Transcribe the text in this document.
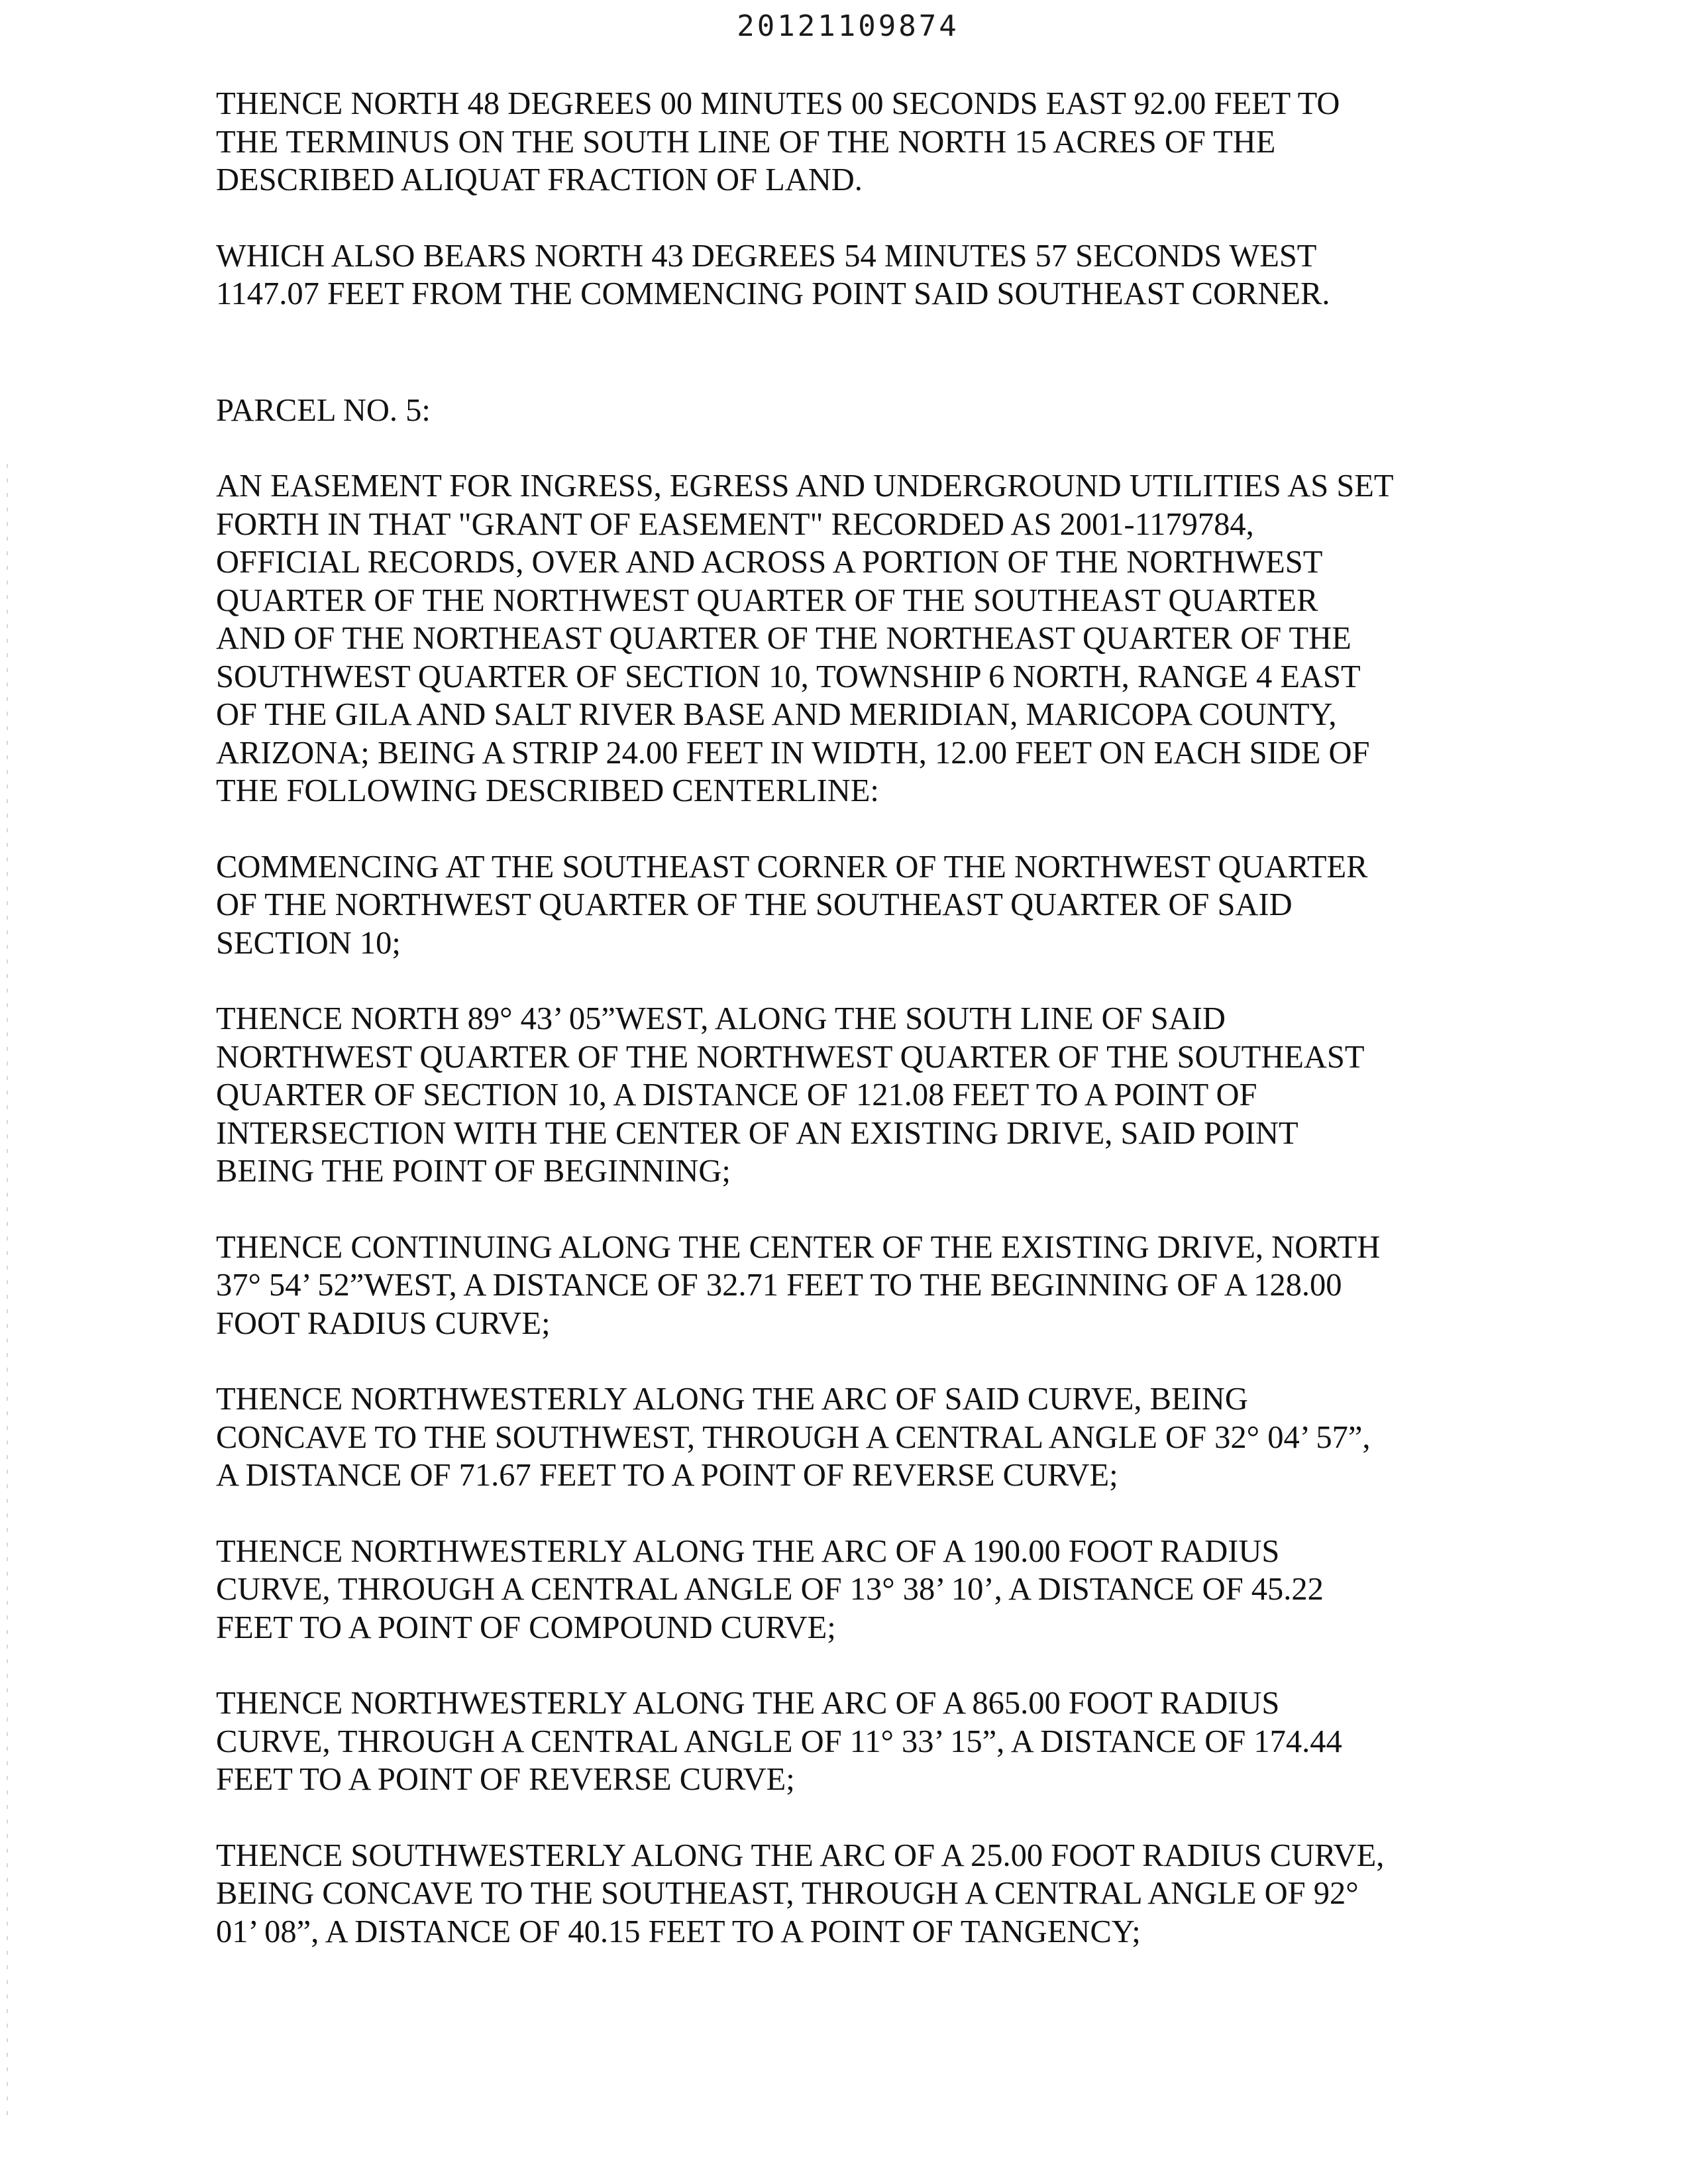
20121109874

THENCE NORTH 48 DEGREES 00 MINUTES 00 SECONDS EAST 92.00 FEET TO
THE TERMINUS ON THE SOUTH LINE OF THE NORTH 15 ACRES OF THE
DESCRIBED ALIQUAT FRACTION OF LAND.

WHICH ALSO BEARS NORTH 43 DEGREES 54 MINUTES 57 SECONDS WEST
1147.07 FEET FROM THE COMMENCING POINT SAID SOUTHEAST CORNER.

PARCEL NO. 5:

AN EASEMENT FOR INGRESS, EGRESS AND UNDERGROUND UTILITIES AS SET
FORTH IN THAT "GRANT OF EASEMENT" RECORDED AS 2001-1179784,
OFFICIAL RECORDS, OVER AND ACROSS A PORTION OF THE NORTHWEST
QUARTER OF THE NORTHWEST QUARTER OF THE SOUTHEAST QUARTER
AND OF THE NORTHEAST QUARTER OF THE NORTHEAST QUARTER OF THE
SOUTHWEST QUARTER OF SECTION 10, TOWNSHIP 6 NORTH, RANGE 4 EAST
OF THE GILA AND SALT RIVER BASE AND MERIDIAN, MARICOPA COUNTY,
ARIZONA; BEING A STRIP 24.00 FEET IN WIDTH, 12.00 FEET ON EACH SIDE OF
THE FOLLOWING DESCRIBED CENTERLINE:

COMMENCING AT THE SOUTHEAST CORNER OF THE NORTHWEST QUARTER
OF THE NORTHWEST QUARTER OF THE SOUTHEAST QUARTER OF SAID
SECTION 10;

THENCE NORTH 89° 43’ 05”WEST, ALONG THE SOUTH LINE OF SAID
NORTHWEST QUARTER OF THE NORTHWEST QUARTER OF THE SOUTHEAST
QUARTER OF SECTION 10, A DISTANCE OF 121.08 FEET TO A POINT OF
INTERSECTION WITH THE CENTER OF AN EXISTING DRIVE, SAID POINT
BEING THE POINT OF BEGINNING;

THENCE CONTINUING ALONG THE CENTER OF THE EXISTING DRIVE, NORTH
37° 54’ 52”WEST, A DISTANCE OF 32.71 FEET TO THE BEGINNING OF A 128.00
FOOT RADIUS CURVE;

THENCE NORTHWESTERLY ALONG THE ARC OF SAID CURVE, BEING
CONCAVE TO THE SOUTHWEST, THROUGH A CENTRAL ANGLE OF 32° 04’ 57”,
A DISTANCE OF 71.67 FEET TO A POINT OF REVERSE CURVE;

THENCE NORTHWESTERLY ALONG THE ARC OF A 190.00 FOOT RADIUS
CURVE, THROUGH A CENTRAL ANGLE OF 13° 38’ 10’, A DISTANCE OF 45.22
FEET TO A POINT OF COMPOUND CURVE;

THENCE NORTHWESTERLY ALONG THE ARC OF A 865.00 FOOT RADIUS
CURVE, THROUGH A CENTRAL ANGLE OF 11° 33’ 15”, A DISTANCE OF 174.44
FEET TO A POINT OF REVERSE CURVE;

THENCE SOUTHWESTERLY ALONG THE ARC OF A 25.00 FOOT RADIUS CURVE,
BEING CONCAVE TO THE SOUTHEAST, THROUGH A CENTRAL ANGLE OF 92°
01’ 08”, A DISTANCE OF 40.15 FEET TO A POINT OF TANGENCY;
